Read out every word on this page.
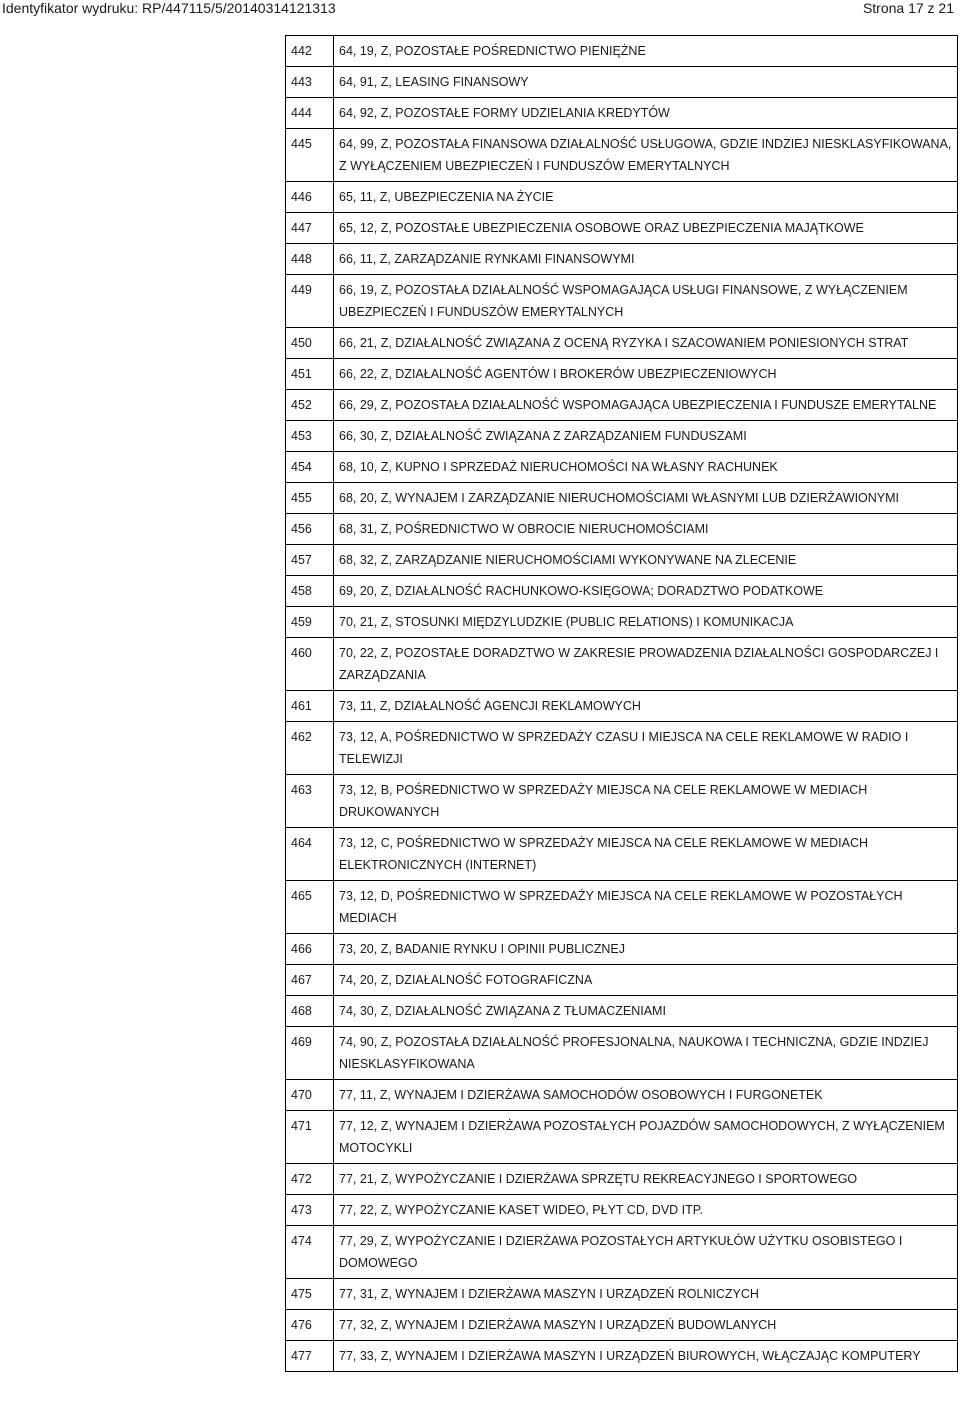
Identyfikator wydruku: RP/447115/5/20140314121313	Strona 17 z 21
442	64, 19, Z, POZOSTAŁE POŚREDNICTWO PIENIĘŻNE
443	64, 91, Z, LEASING FINANSOWY
444	64, 92, Z, POZOSTAŁE FORMY UDZIELANIA KREDYTÓW
445	64, 99, Z, POZOSTAŁA FINANSOWA DZIAŁALNOŚĆ USŁUGOWA, GDZIE INDZIEJ NIESKLASYFIKOWANA, Z WYŁĄCZENIEM UBEZPIECZEŃ I FUNDUSZÓW EMERYTALNYCH
446	65, 11, Z, UBEZPIECZENIA NA ŻYCIE
447	65, 12, Z, POZOSTAŁE UBEZPIECZENIA OSOBOWE ORAZ UBEZPIECZENIA MAJĄTKOWE
448	66, 11, Z, ZARZĄDZANIE RYNKAMI FINANSOWYMI
449	66, 19, Z, POZOSTAŁA DZIAŁALNOŚĆ WSPOMAGAJĄCA USŁUGI FINANSOWE, Z WYŁĄCZENIEM UBEZPIECZEŃ I FUNDUSZÓW EMERYTALNYCH
450	66, 21, Z, DZIAŁALNOŚĆ ZWIĄZANA Z OCENĄ RYZYKA I SZACOWANIEM PONIESIONYCH STRAT
451	66, 22, Z, DZIAŁALNOŚĆ AGENTÓW I BROKERÓW UBEZPIECZENIOWYCH
452	66, 29, Z, POZOSTAŁA DZIAŁALNOŚĆ WSPOMAGAJĄCA UBEZPIECZENIA I FUNDUSZE EMERYTALNE
453	66, 30, Z, DZIAŁALNOŚĆ ZWIĄZANA Z ZARZĄDZANIEM FUNDUSZAMI
454	68, 10, Z, KUPNO I SPRZEDAŻ NIERUCHOMOŚCI NA WŁASNY RACHUNEK
455	68, 20, Z, WYNAJEM I ZARZĄDZANIE NIERUCHOMOŚCIAMI WŁASNYMI LUB DZIERŻAWIONYMI
456	68, 31, Z, POŚREDNICTWO W OBROCIE NIERUCHOMOŚCIAMI
457	68, 32, Z, ZARZĄDZANIE NIERUCHOMOŚCIAMI WYKONYWANE NA ZLECENIE
458	69, 20, Z, DZIAŁALNOŚĆ RACHUNKOWO-KSIĘGOWA; DORADZTWO PODATKOWE
459	70, 21, Z, STOSUNKI MIĘDZYLUDZKIE (PUBLIC RELATIONS) I KOMUNIKACJA
460	70, 22, Z, POZOSTAŁE DORADZTWO W ZAKRESIE PROWADZENIA DZIAŁALNOŚCI GOSPODARCZEJ I ZARZĄDZANIA
461	73, 11, Z, DZIAŁALNOŚĆ AGENCJI REKLAMOWYCH
462	73, 12, A, POŚREDNICTWO W SPRZEDAŻY CZASU I MIEJSCA NA CELE REKLAMOWE W RADIO I TELEWIZJI
463	73, 12, B, POŚREDNICTWO W SPRZEDAŻY MIEJSCA NA CELE REKLAMOWE W MEDIACH DRUKOWANYCH
464	73, 12, C, POŚREDNICTWO W SPRZEDAŻY MIEJSCA NA CELE REKLAMOWE W MEDIACH ELEKTRONICZNYCH (INTERNET)
465	73, 12, D, POŚREDNICTWO W SPRZEDAŻY MIEJSCA NA CELE REKLAMOWE W POZOSTAŁYCH MEDIACH
466	73, 20, Z, BADANIE RYNKU I OPINII PUBLICZNEJ
467	74, 20, Z, DZIAŁALNOŚĆ FOTOGRAFICZNA
468	74, 30, Z, DZIAŁALNOŚĆ ZWIĄZANA Z TŁUMACZENIAMI
469	74, 90, Z, POZOSTAŁA DZIAŁALNOŚĆ PROFESJONALNA, NAUKOWA I TECHNICZNA, GDZIE INDZIEJ NIESKLASYFIKOWANA
470	77, 11, Z, WYNAJEM I DZIERŻAWA SAMOCHODÓW OSOBOWYCH I FURGONETEK
471	77, 12, Z, WYNAJEM I DZIERŻAWA POZOSTAŁYCH POJAZDÓW SAMOCHODOWYCH, Z WYŁĄCZENIEM MOTOCYKLI
472	77, 21, Z, WYPOŻYCZANIE I DZIERŻAWA SPRZĘTU REKREACYJNEGO I SPORTOWEGO
473	77, 22, Z, WYPOŻYCZANIE KASET WIDEO, PŁYT CD, DVD ITP.
474	77, 29, Z, WYPOŻYCZANIE I DZIERŻAWA POZOSTAŁYCH ARTYKUŁÓW UŻYTKU OSOBISTEGO I DOMOWEGO
475	77, 31, Z, WYNAJEM I DZIERŻAWA MASZYN I URZĄDZEŃ ROLNICZYCH
476	77, 32, Z, WYNAJEM I DZIERŻAWA MASZYN I URZĄDZEŃ BUDOWLANYCH
477	77, 33, Z, WYNAJEM I DZIERŻAWA MASZYN I URZĄDZEŃ BIUROWYCH, WŁĄCZAJĄC KOMPUTERY
